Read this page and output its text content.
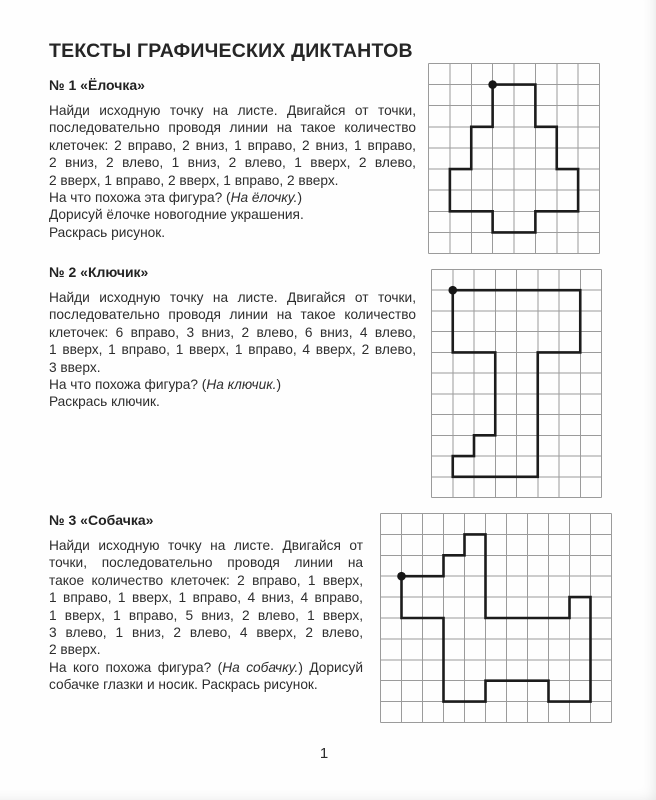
ТЕКСТЫ ГРАФИЧЕСКИХ ДИКТАНТОВ
№ 1 «Ёлочка»
Найди исходную точку на листе. Двигайся от точки,
последовательно проводя линии на такое количество
клеточек: 2 вправо, 2 вниз, 1 вправо, 2 вниз, 1 вправо,
2 вниз, 2 влево, 1 вниз, 2 влево, 1 вверх, 2 влево,
2 вверх, 1 вправо, 2 вверх, 1 вправо, 2 вверх.

На что похожа эта фигура? (На ёлочку.)

Дорисуй ёлочке новогодние украшения.

Раскрась рисунок.

№ 2 «Ключик»
Найди исходную точку на листе. Двигайся от точки,
последовательно проводя линии на такое количество
клеточек: 6 вправо, 3 вниз, 2 влево, 6 вниз, 4 влево,
1 вверх, 1 вправо, 1 вверх, 1 вправо, 4 вверх, 2 влево,
3 вверх.

На что похожа фигура? (На ключик.)

Раскрась ключик.

№ 3 «Собачка»
Найди исходную точку на листе. Двигайся от
точки, последовательно проводя линии на
такое количество клеточек: 2 вправо, 1 вверх,
1 вправо, 1 вверх, 1 вправо, 4 вниз, 4 вправо,
1 вверх, 1 вправо, 5 вниз, 2 влево, 1 вверх,
3 влево, 1 вниз, 2 влево, 4 вверх, 2 влево,
2 вверх.

На кого похожа фигура? (На собачку.) Дорисуй собачке глазки и носик. Раскрась рисунок.

1
